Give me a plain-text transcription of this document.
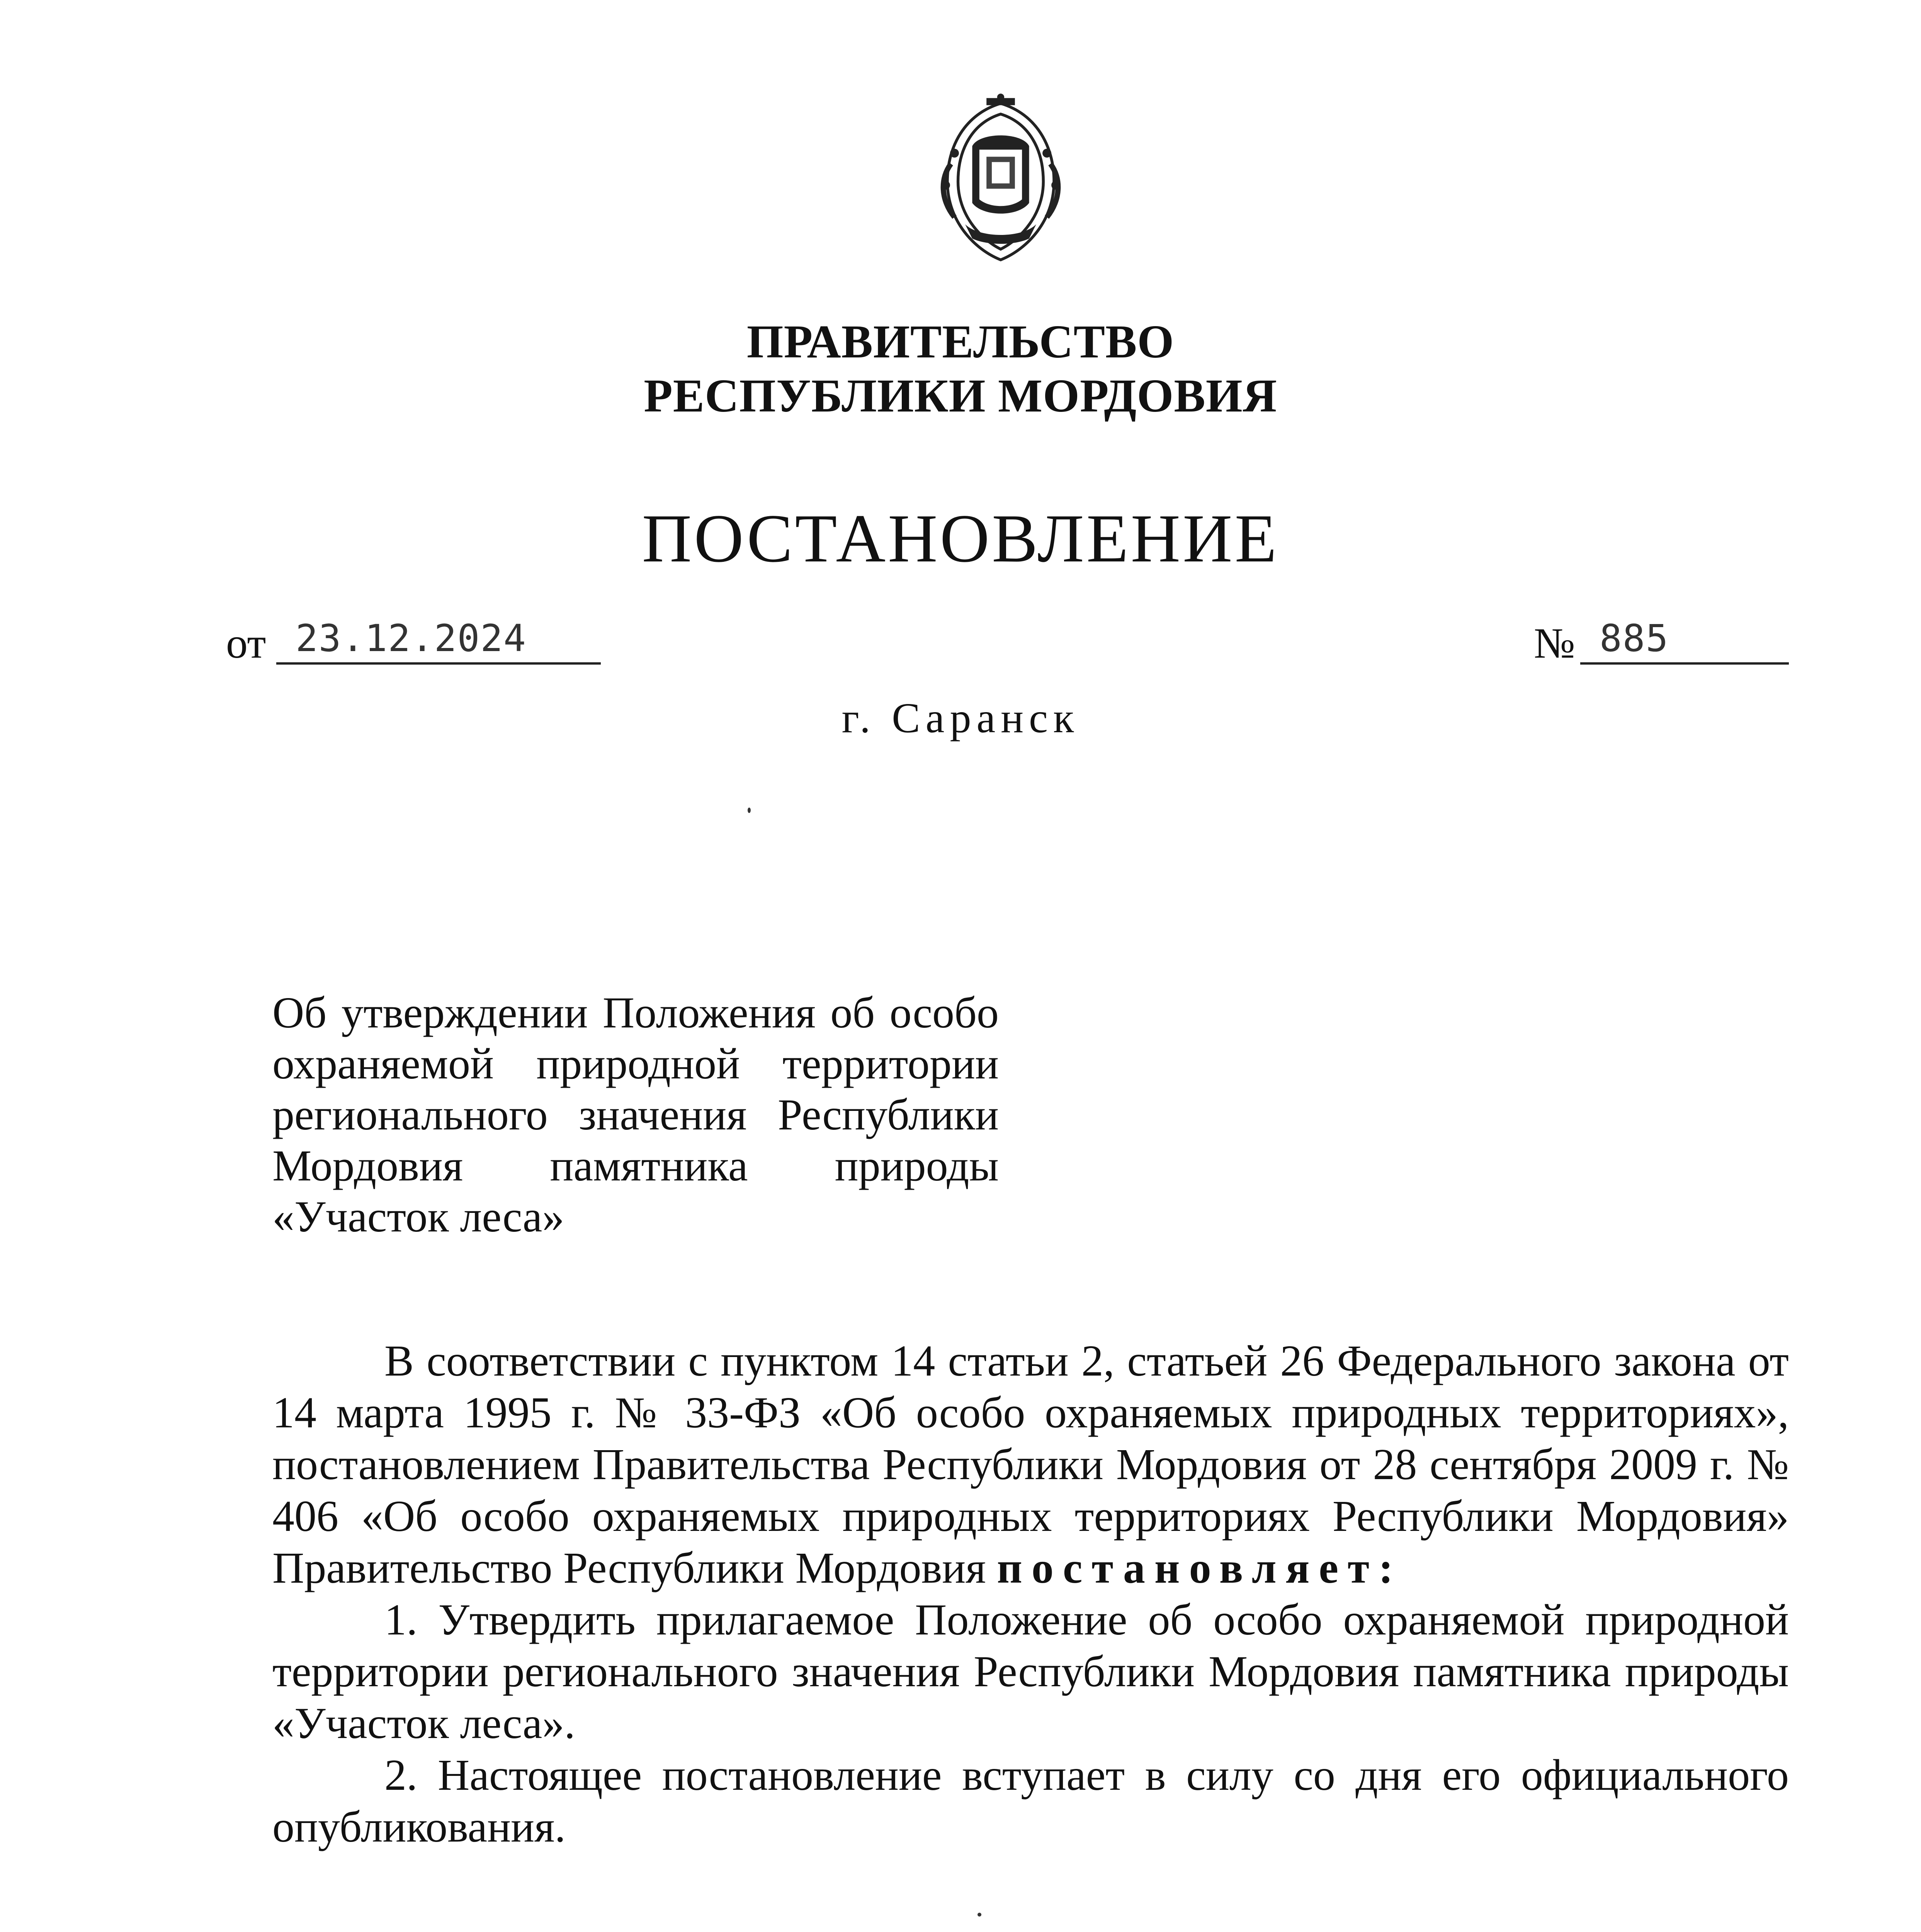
ПРАВИТЕЛЬСТВО
РЕСПУБЛИКИ МОРДОВИЯ
ПОСТАНОВЛЕНИЕ
от 23.12.2024	№ 885
г. Саранск
Об утверждении Положения об особо охраняемой природной территории регионального значения Республики Мордовия памятника природы «Участок леса»

В соответствии с пунктом 14 статьи 2, статьей 26 Федерального закона от 14 марта 1995 г. № 33-ФЗ «Об особо охраняемых природных территориях», постановлением Правительства Республики Мордовия от 28 сентября 2009 г. № 406 «Об особо охраняемых природных территориях Республики Мордовия» Правительство Республики Мордовия постановляет:

1. Утвердить прилагаемое Положение об особо охраняемой природной территории регионального значения Республики Мордовия памятника природы «Участок леса».

2. Настоящее постановление вступает в силу со дня его официального опубликования.
